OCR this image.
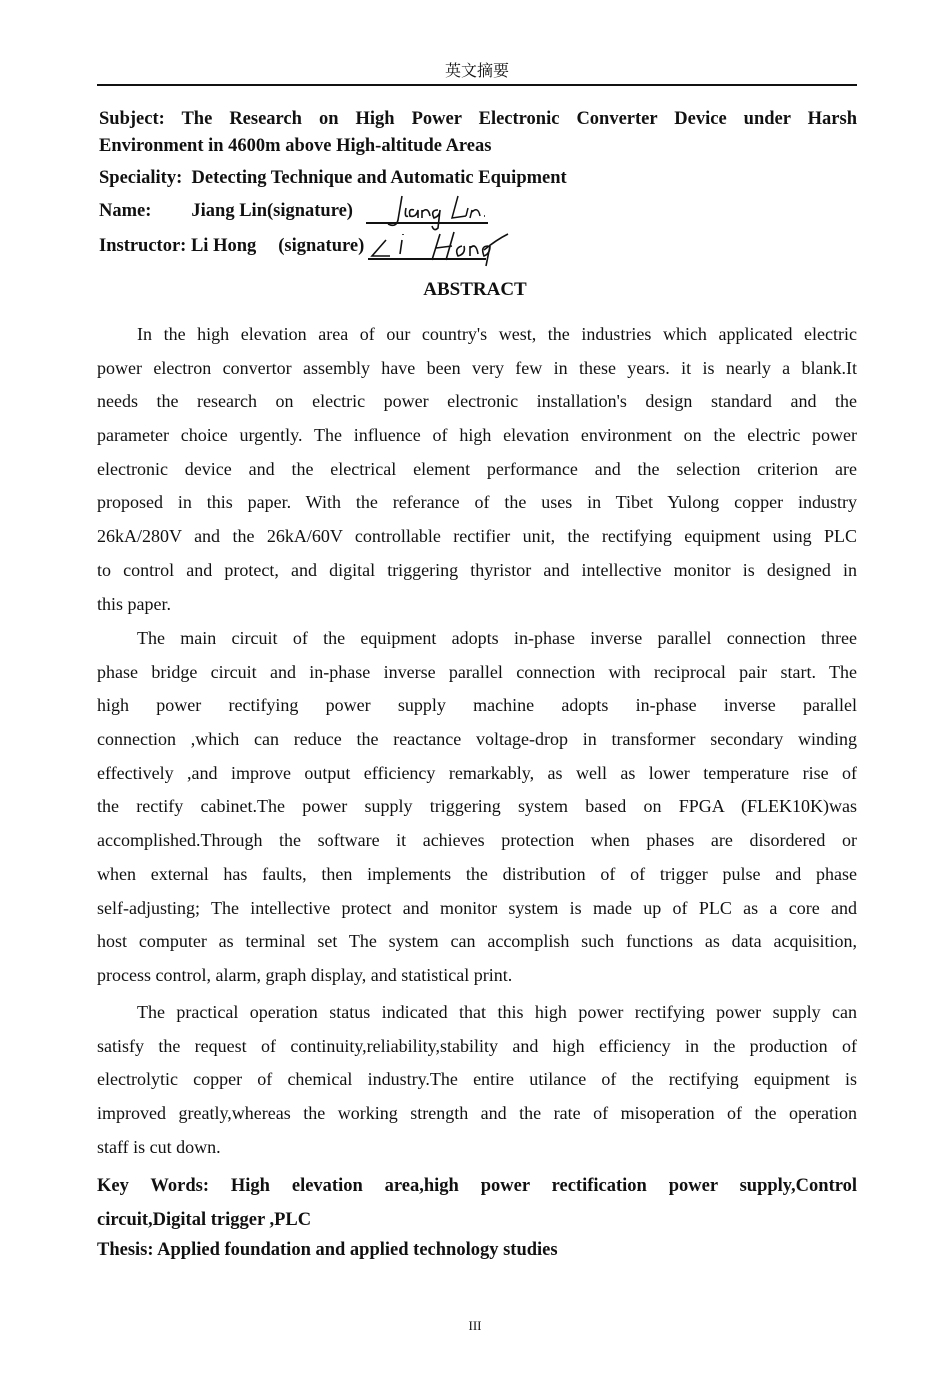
英文摘要
Subject: The Research on High Power Electronic Converter Device under Harsh
Environment in 4600m above High-altitude Areas
Speciality: Detecting Technique and Automatic Equipment
Name: Jiang Lin(signature)
Instructor: Li Hong (signature)
ABSTRACT
In the high elevation area of our country's west, the industries which applicated electric
power electron convertor assembly have been very few in these years. it is nearly a blank.It
needs the research on electric power electronic installation's design standard and the
parameter choice urgently. The influence of high elevation environment on the electric power
electronic device and the electrical element performance and the selection criterion are
proposed in this paper. With the referance of the uses in Tibet Yulong copper industry
26kA/280V and the 26kA/60V controllable rectifier unit, the rectifying equipment using PLC
to control and protect, and digital triggering thyristor and intellective monitor is designed in
this paper.
The main circuit of the equipment adopts in-phase inverse parallel connection three
phase bridge circuit and in-phase inverse parallel connection with reciprocal pair start. The
high power rectifying power supply machine adopts in-phase inverse parallel
connection ,which can reduce the reactance voltage-drop in transformer secondary winding
effectively ,and improve output efficiency remarkably, as well as lower temperature rise of
the rectify cabinet.The power supply triggering system based on FPGA (FLEK10K)was
accomplished.Through the software it achieves protection when phases are disordered or
when external has faults, then implements the distribution of of trigger pulse and phase
self-adjusting; The intellective protect and monitor system is made up of PLC as a core and
host computer as terminal set The system can accomplish such functions as data acquisition,
process control, alarm, graph display, and statistical print.
The practical operation status indicated that this high power rectifying power supply can
satisfy the request of continuity,reliability,stability and high efficiency in the production of
electrolytic copper of chemical industry.The entire utilance of the rectifying equipment is
improved greatly,whereas the working strength and the rate of misoperation of the operation
staff is cut down.
Key Words: High elevation area,high power rectification power supply,Control
circuit,Digital trigger ,PLC
Thesis: Applied foundation and applied technology studies
III
